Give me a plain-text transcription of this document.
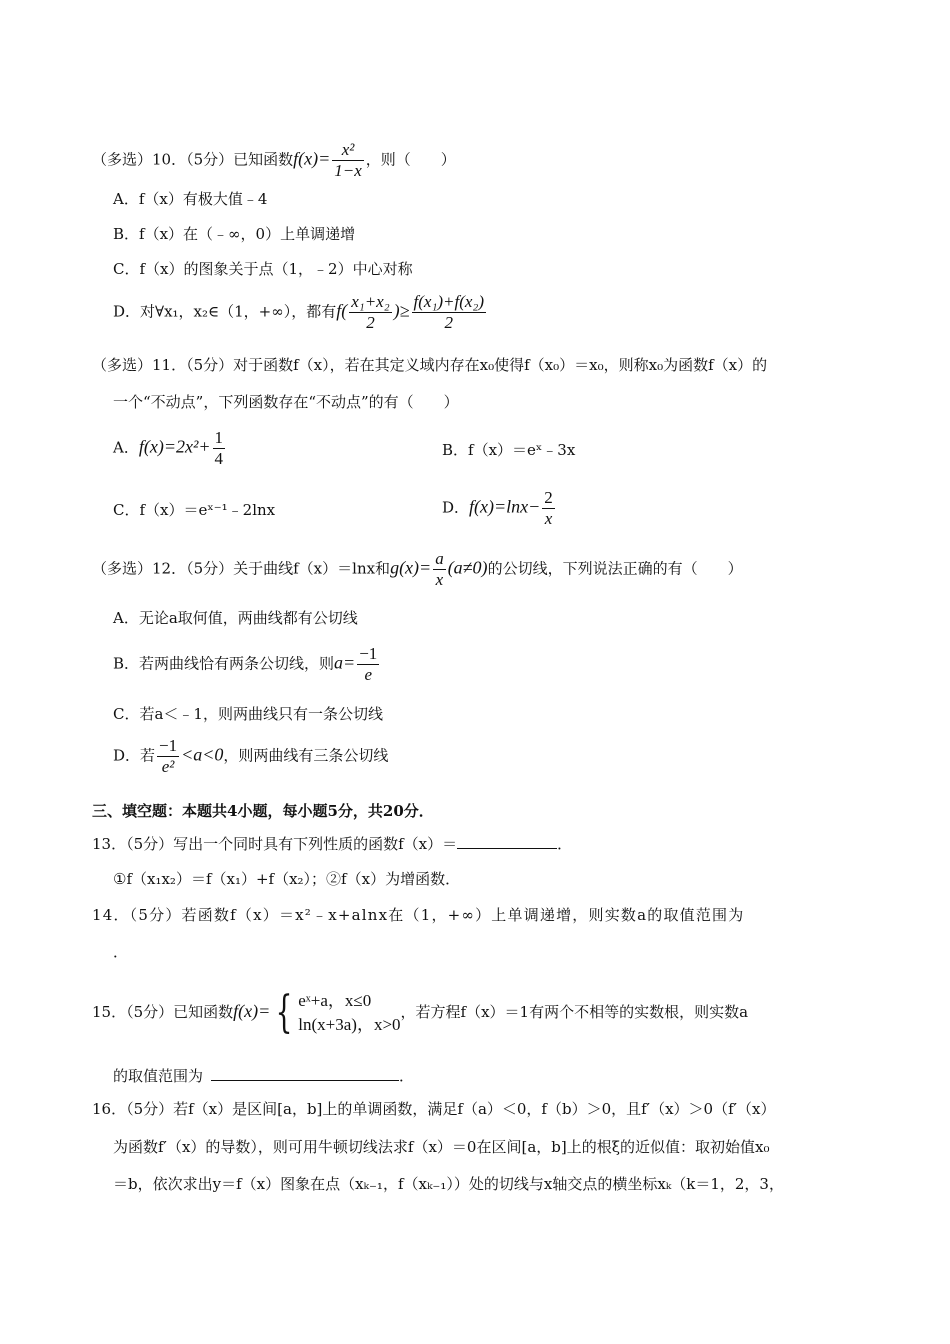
（多选）10．（5分）已知函数$f(x)= \frac{\text{x²}}{1-x}$ ，则（　　）
A．f（x）有极大值﹣4
B．f（x）在（﹣∞，0）上单调递增
C．f（x）的图象关于点（1，﹣2）中心对称
D．对∀x₁，x₂∈（1，+∞），都有$f( \frac{\text{x₁+x₂}}{2}$ )≥ $\frac{\text{f(x₁)+f(x₂)}}{2}$
（多选）11．（5分）对于函数f（x），若在其定义域内存在x₀使得f（x₀）＝x₀，则称x₀为函数f（x）的
一个“不动点”，下列函数存在“不动点”的有（　　）
A．$f(x)=2x^2+ \frac{1}{4}$	B．f（x）＝eˣ﹣3x
C．f（x）＝eˣ⁻¹﹣2lnx	D．$f(x)=\ln x- \frac{2}{x}$
（多选）12．（5分）关于曲线f（x）＝lnx和$g(x)= \frac{a}{x} (a\ne 0)$的公切线，下列说法正确的有（　　）
A．无论a取何值，两曲线都有公切线
B．若两曲线恰有两条公切线，则$a= \frac{-1}{e}$
C．若a＜﹣1，则两曲线只有一条公切线
D．若 $\frac{-1}{\text{e²}} <a<0$，则两曲线有三条公切线
三、填空题：本题共4小题，每小题5分，共20分．
13．（5分）写出一个同时具有下列性质的函数f（x）＝	．
①f（x₁x₂）＝f（x₁）+f（x₂）；②f（x）为增函数．
14．（5分）若函数f（x）＝x²﹣x+alnx在（1，+∞）上单调递增，则实数a的取值范围为
．
15．（5分）已知函数f(x)= { eˣ+a，x≤0
ln(x+3a)，x>0
，若方程f（x）＝1有两个不相等的实数根，则实数a
的取值范围为	．
16．（5分）若f（x）是区间[a，b]上的单调函数，满足f（a）＜0，f（b）＞0，且f′（x）＞0（f′（x）
为函数f′（x）的导数），则可用牛顿切线法求f（x）＝0在区间[a，b]上的根ξ的近似值：取初始值x₀
＝b，依次求出y＝f（x）图象在点（xₖ₋₁，f（xₖ₋₁））处的切线与x轴交点的横坐标xₖ（k＝1，2，3，
